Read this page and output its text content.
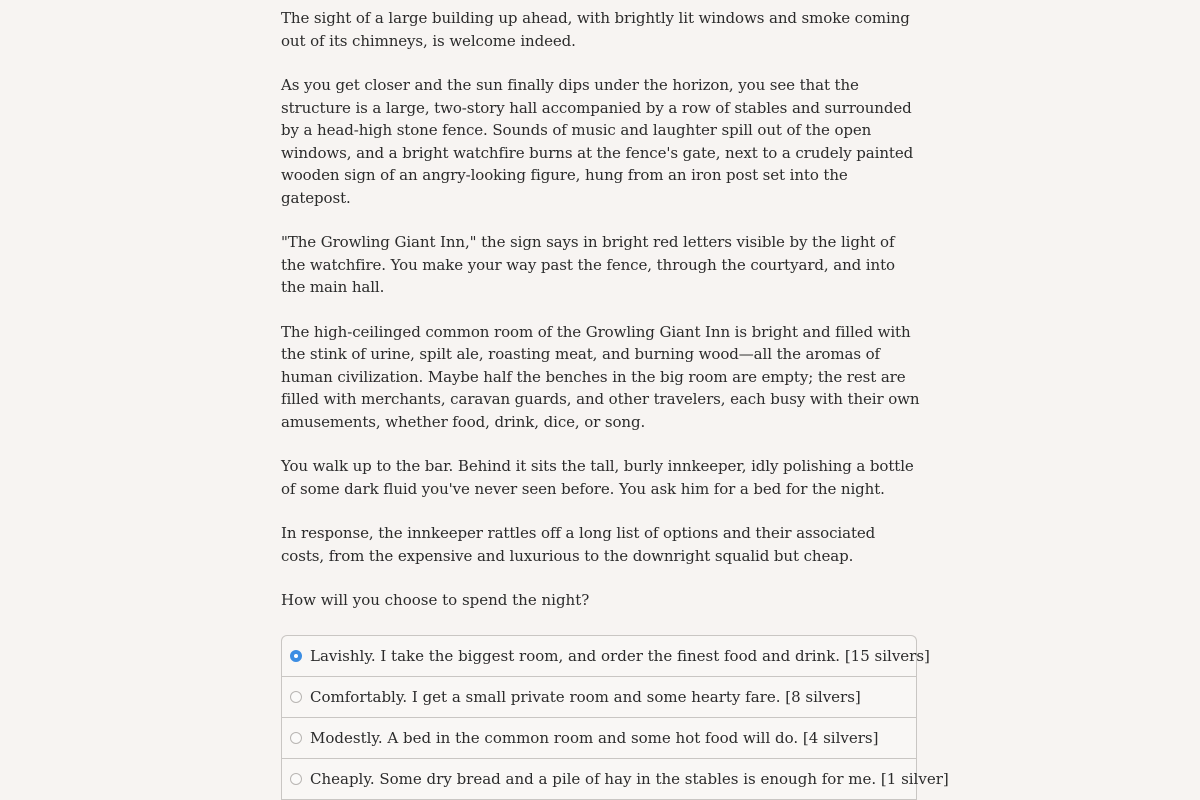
The sight of a large building up ahead, with brightly lit windows and smoke coming out of its chimneys, is welcome indeed.

As you get closer and the sun finally dips under the horizon, you see that the structure is a large, two-story hall accompanied by a row of stables and surrounded by a head-high stone fence. Sounds of music and laughter spill out of the open windows, and a bright watchfire burns at the fence's gate, next to a crudely painted wooden sign of an angry-looking figure, hung from an iron post set into the gatepost.

"The Growling Giant Inn," the sign says in bright red letters visible by the light of the watchfire. You make your way past the fence, through the courtyard, and into the main hall.

The high-ceilinged common room of the Growling Giant Inn is bright and filled with the stink of urine, spilt ale, roasting meat, and burning wood—all the aromas of human civilization. Maybe half the benches in the big room are empty; the rest are filled with merchants, caravan guards, and other travelers, each busy with their own amusements, whether food, drink, dice, or song.

You walk up to the bar. Behind it sits the tall, burly innkeeper, idly polishing a bottle of some dark fluid you've never seen before. You ask him for a bed for the night.

In response, the innkeeper rattles off a long list of options and their associated costs, from the expensive and luxurious to the downright squalid but cheap.

How will you choose to spend the night?

Lavishly. I take the biggest room, and order the finest food and drink. [15 silvers]
Comfortably. I get a small private room and some hearty fare. [8 silvers]
Modestly. A bed in the common room and some hot food will do. [4 silvers]
Cheaply. Some dry bread and a pile of hay in the stables is enough for me. [1 silver]
